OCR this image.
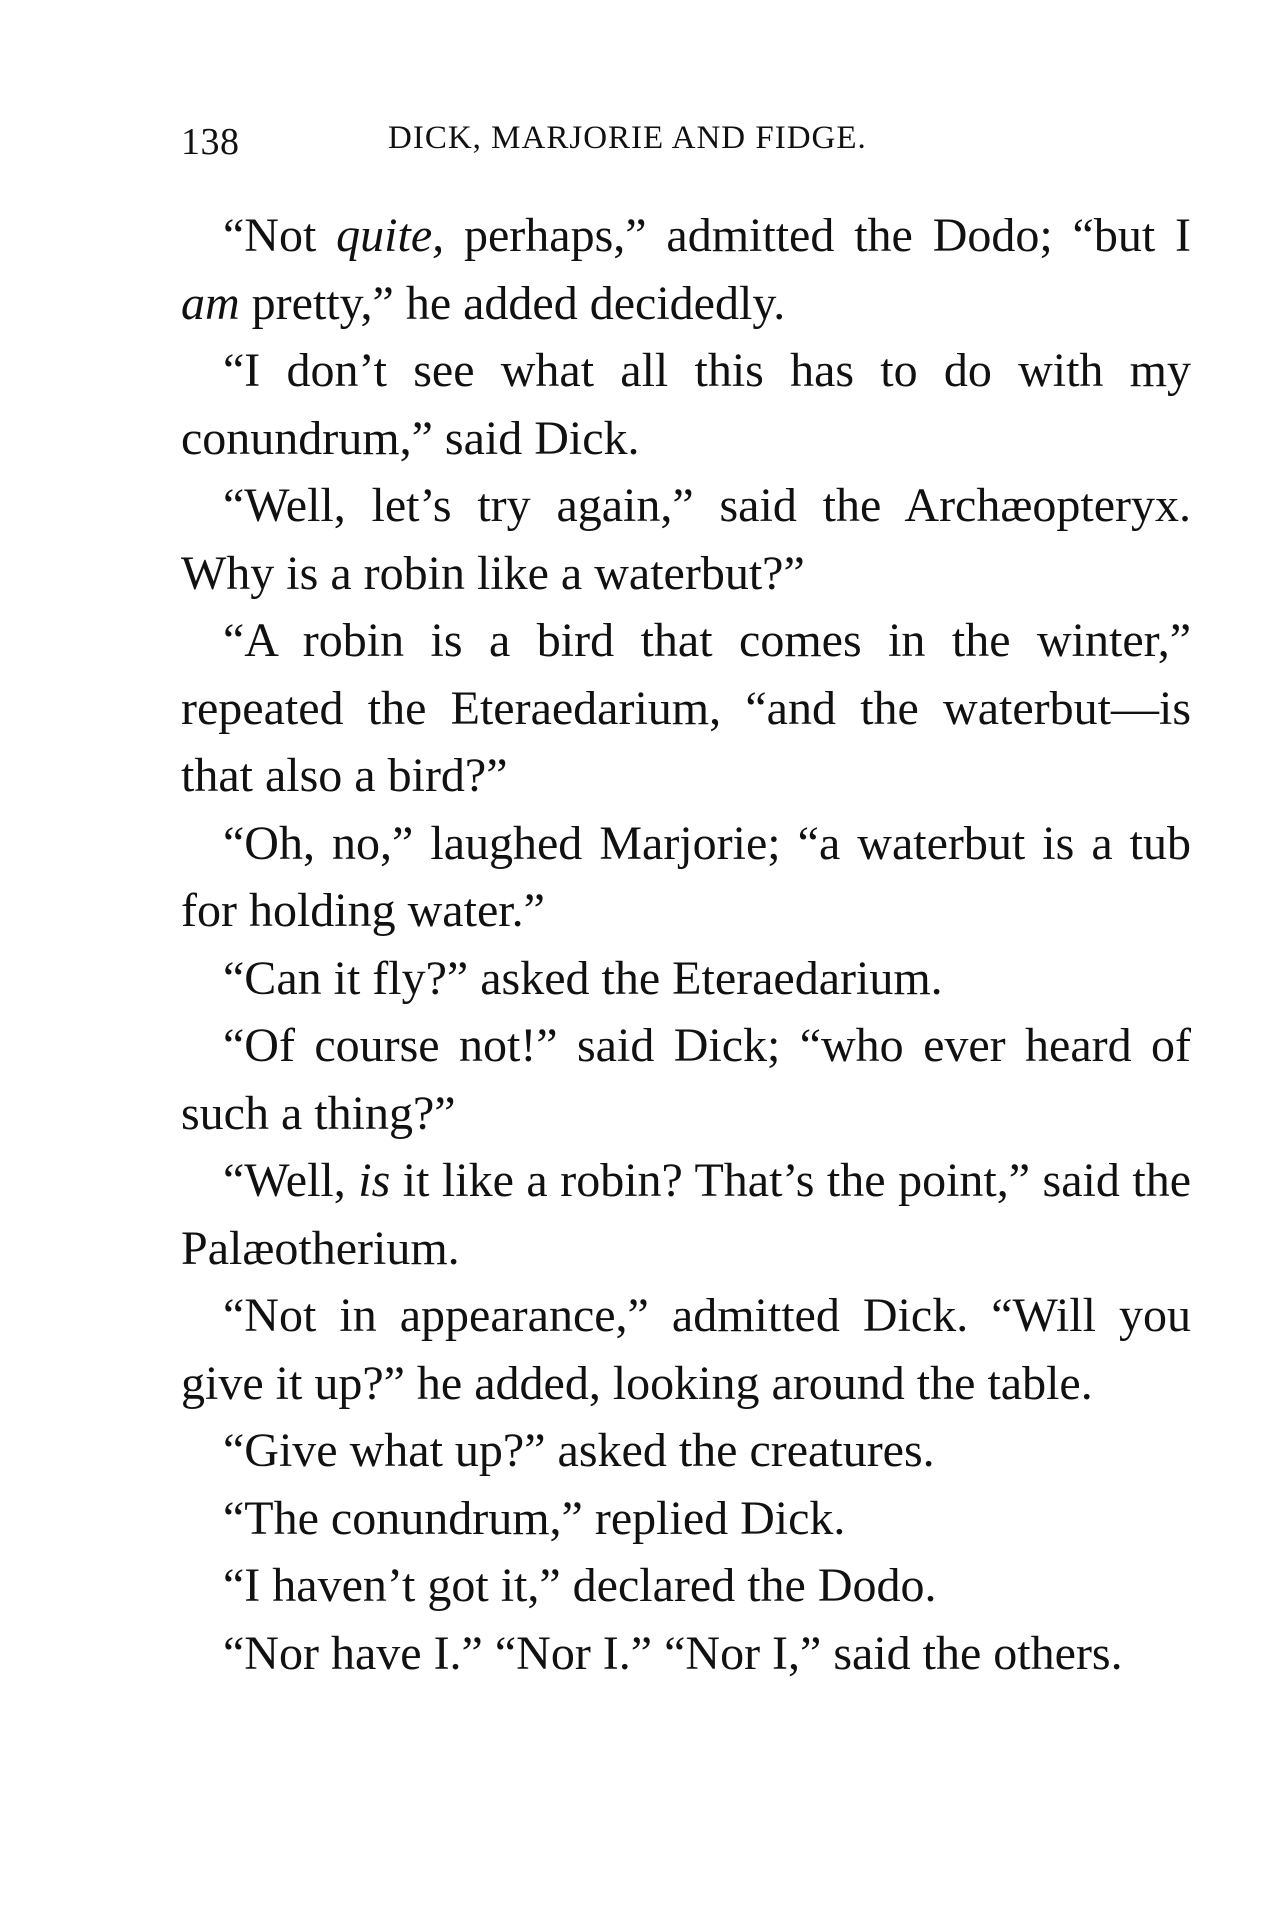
138	DICK, MARJORIE AND FIDGE.

“Not quite, perhaps,” admitted the Dodo; “but I am pretty,” he added decidedly.

“I don’t see what all this has to do with my conundrum,” said Dick.

“Well, let’s try again,” said the Archæopteryx. Why is a robin like a waterbut?”

“A robin is a bird that comes in the winter,” repeated the Eteraedarium, “and the waterbut—is that also a bird?”

“Oh, no,” laughed Marjorie; “a waterbut is a tub for holding water.”

“Can it fly?” asked the Eteraedarium.

“Of course not!” said Dick; “who ever heard of such a thing?”

“Well, is it like a robin? That’s the point,” said the Palæotherium.

“Not in appearance,” admitted Dick. “Will you give it up?” he added, looking around the table.

“Give what up?” asked the creatures.

“The conundrum,” replied Dick.

“I haven’t got it,” declared the Dodo.

“Nor have I.” “Nor I.” “Nor I,” said the others.
